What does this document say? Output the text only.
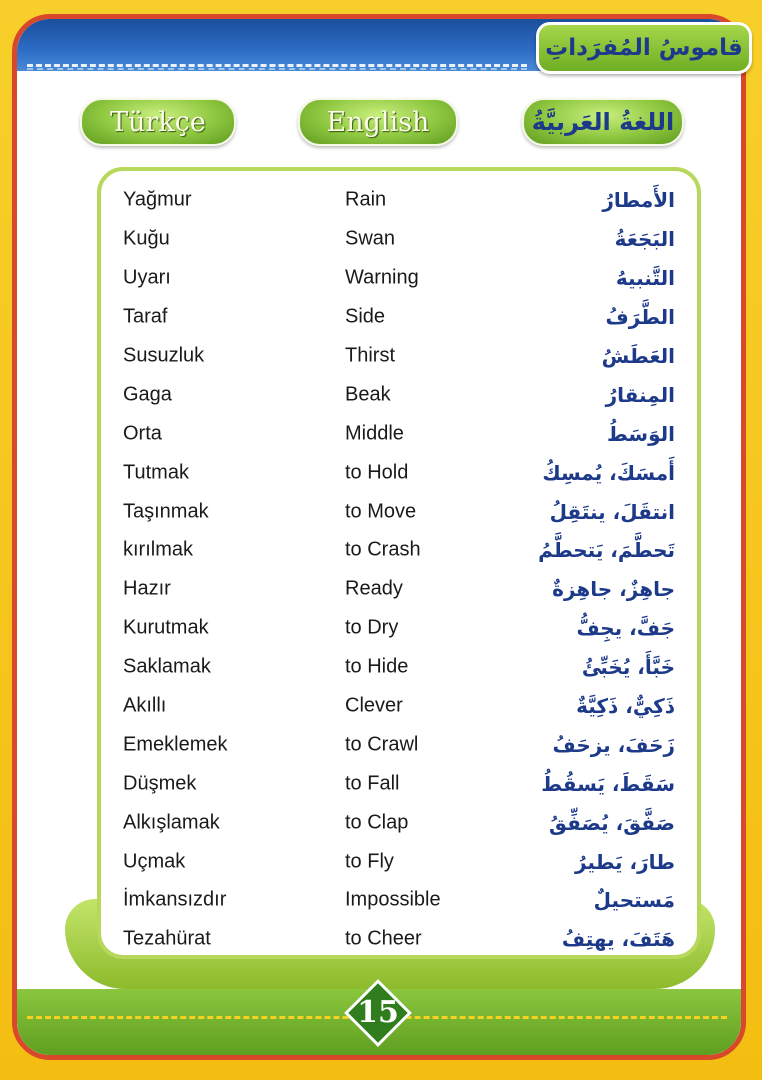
Yağmur	Rain	الأَمطارُ
Kuğu	Swan	البَجَعَةُ
Uyarı	Warning	التَّنبيهُ
Taraf	Side	الطَّرَفُ
Susuzluk	Thirst	العَطَشُ
Gaga	Beak	المِنقارُ
Orta	Middle	الوَسَطُ
Tutmak	to Hold	أَمسَكَ، يُمسِكُ
Taşınmak	to Move	انتقَلَ، ينتَقِلُ
kırılmak	to Crash	تَحطَّمَ، يَتحطَّمُ
Hazır	Ready	جاهِزٌ، جاهِزةٌ
Kurutmak	to Dry	جَفَّ، يجِفُّ
Saklamak	to Hide	خَبَّأَ، يُخَبِّئُ
Akıllı	Clever	ذَكِيٌّ، ذَكِيَّةٌ
Emeklemek	to Crawl	زَحَفَ، يزحَفُ
Düşmek	to Fall	سَقَطَ، يَسقُطُ
Alkışlamak	to Clap	صَفَّقَ، يُصَفِّقُ
Uçmak	to Fly	طارَ، يَطيرُ
İmkansızdır	Impossible	مَستحيلٌ
Tezahürat	to Cheer	هَتَفَ، يهتِفُ
قاموسُ المُفرَداتِ
Türkçe	English	اللغةُ العَربيَّةُ
15
